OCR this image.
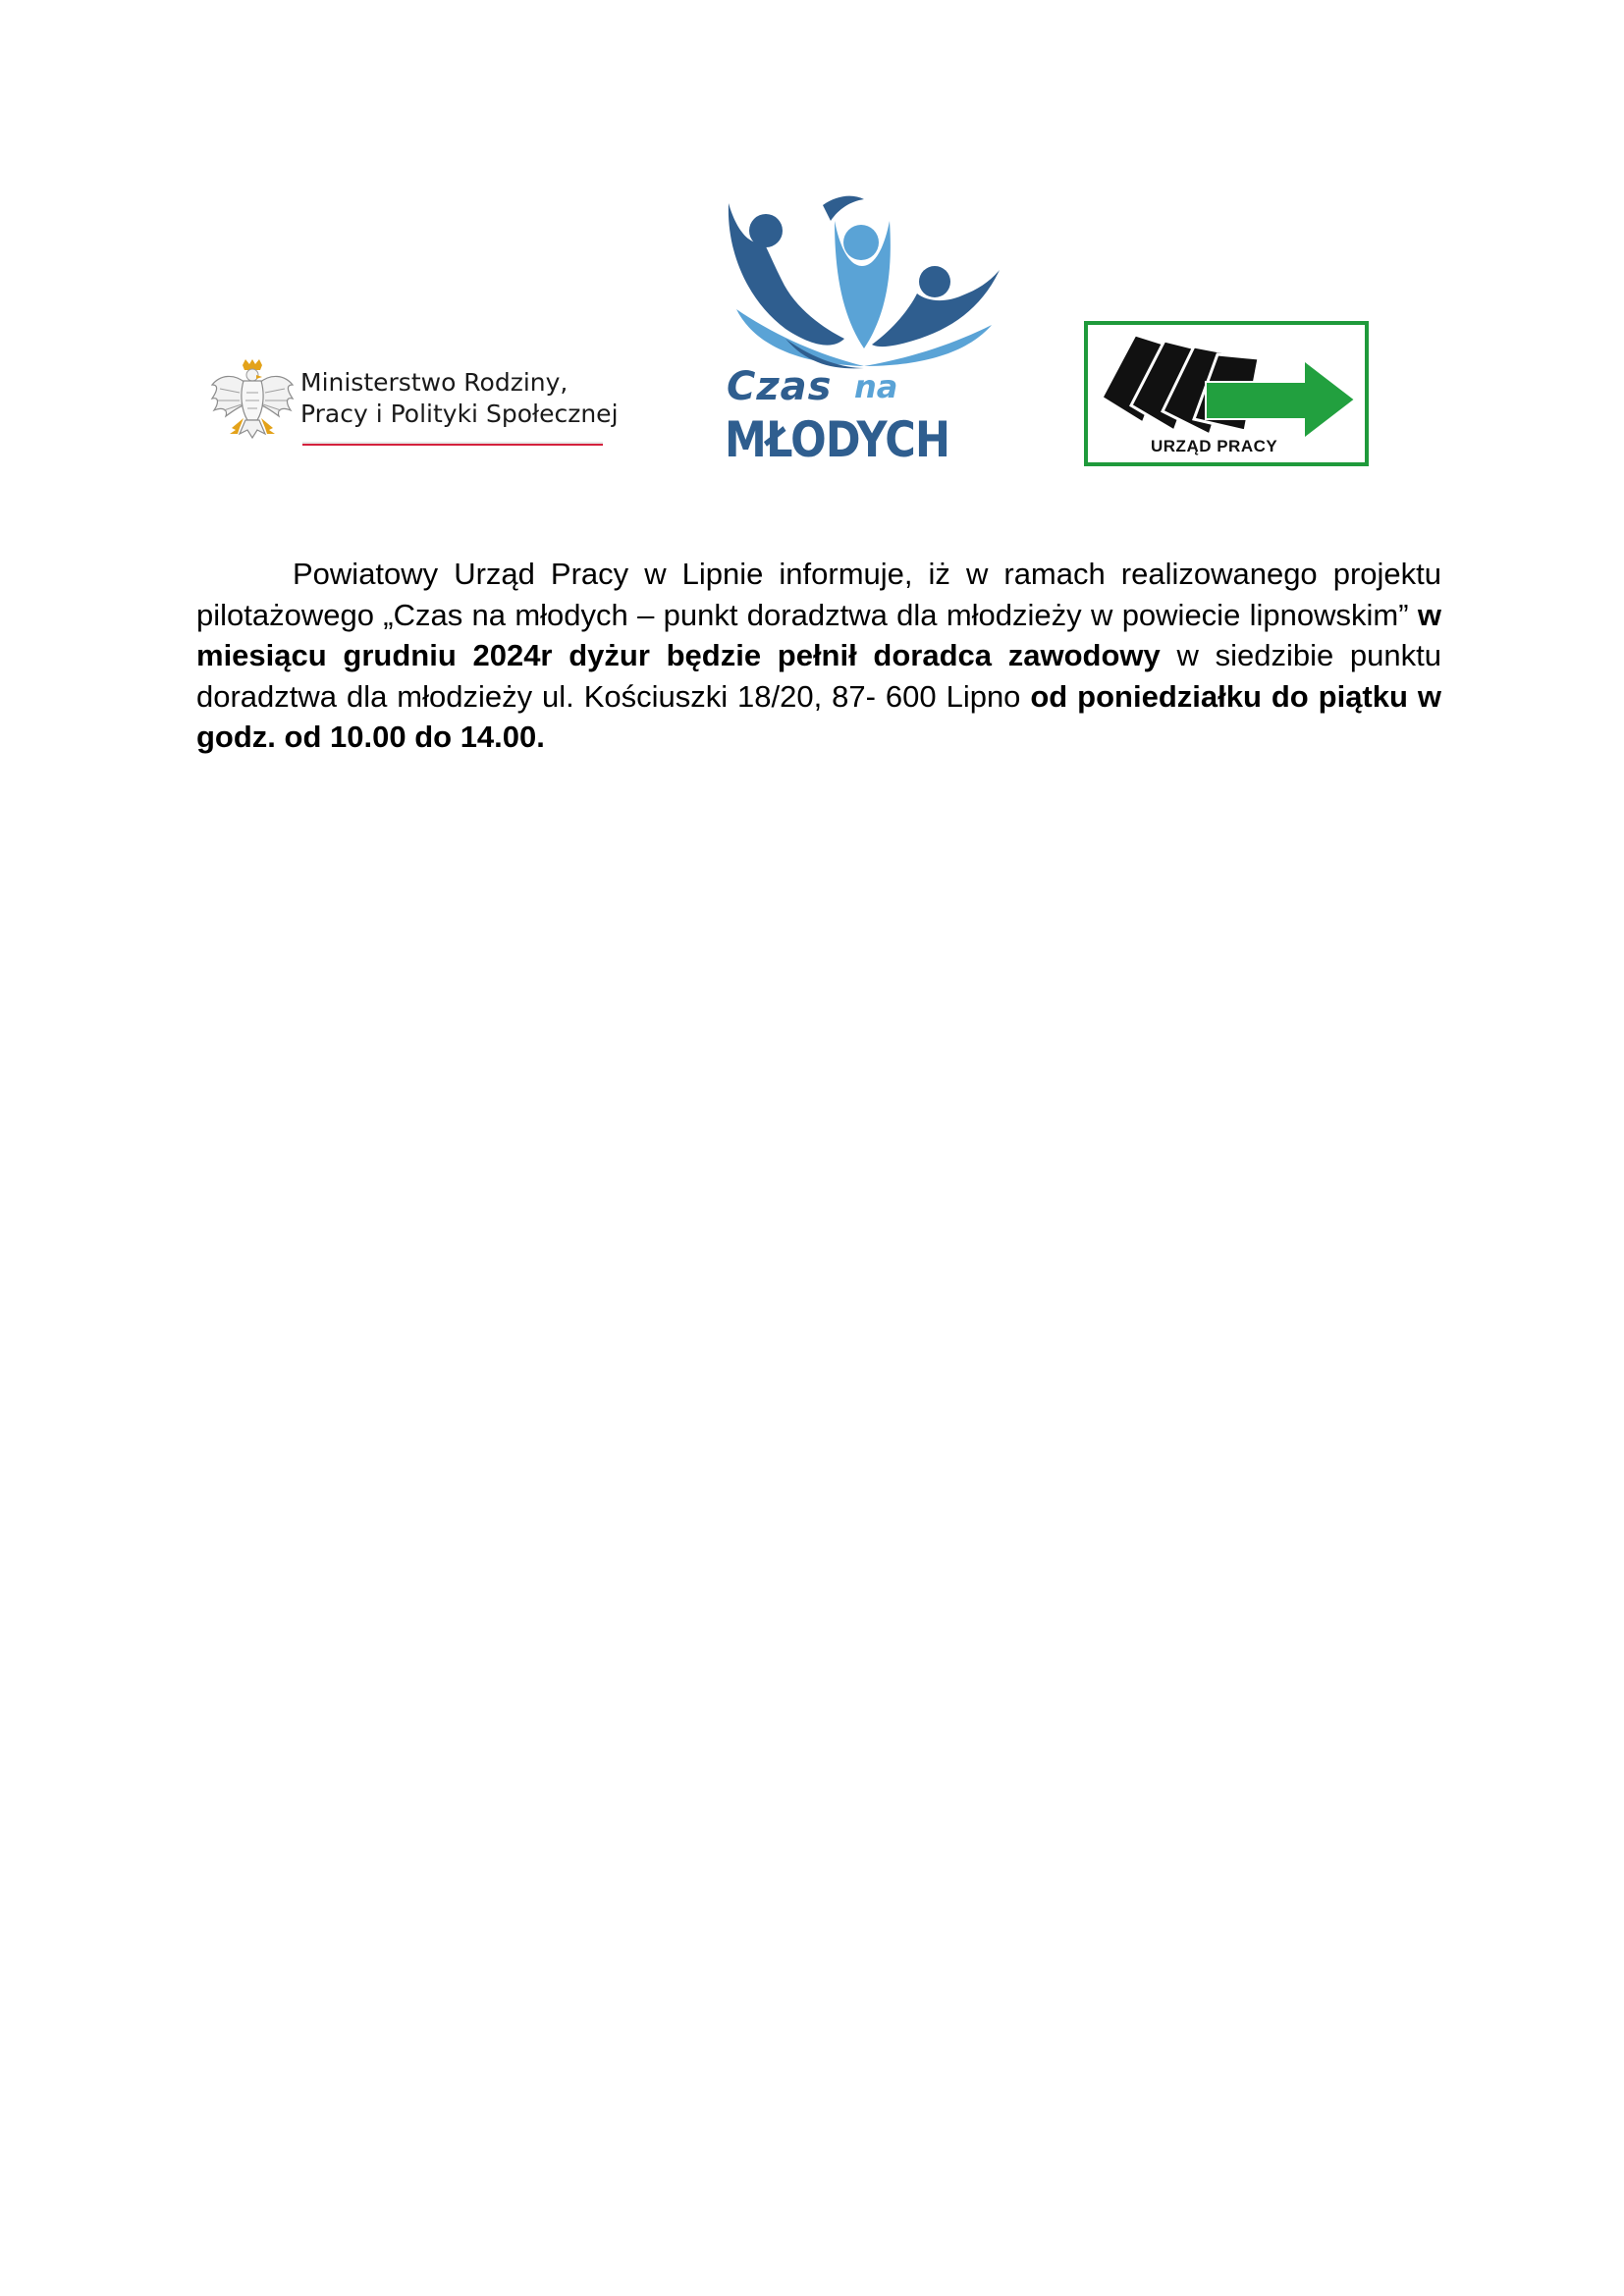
Ministerstwo Rodziny,
Pracy i Polityki Społecznej
Czas na
MŁODYCH	URZĄD PRACY

Powiatowy Urząd Pracy w Lipnie informuje, iż w ramach realizowanego projektu pilotażowego „Czas na młodych – punkt doradztwa dla młodzieży w powiecie lipnowskim” w miesiącu grudniu 2024r dyżur będzie pełnił doradca zawodowy w siedzibie punktu doradztwa dla młodzieży ul. Kościuszki 18/20, 87- 600 Lipno od poniedziałku do piątku w godz. od 10.00 do 14.00.
